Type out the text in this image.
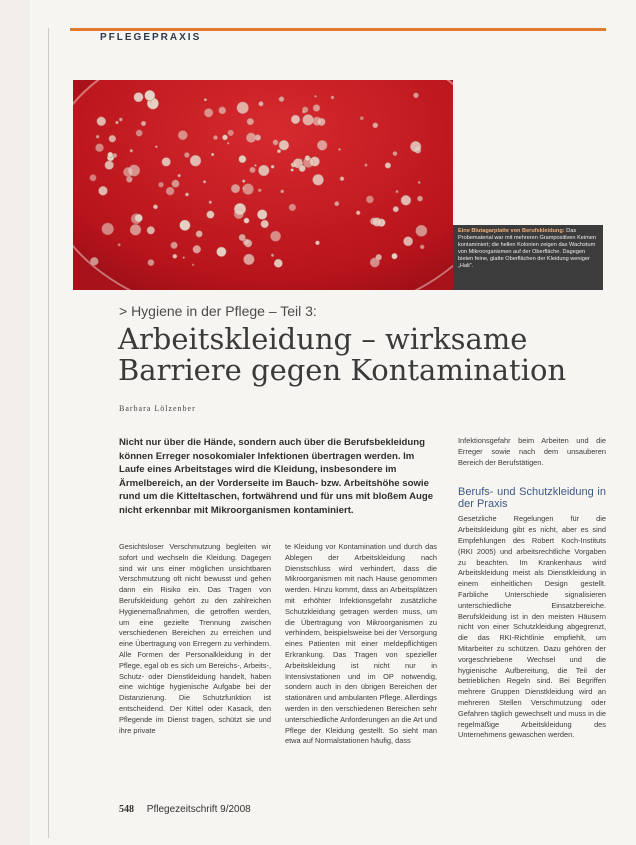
PFLEGEPRAXIS
Eine Blutagarplatte von Berufskleidung: Das Probematerial war mit mehreren Grampositiven Keimen kontaminiert; die hellen Kolonien zeigen das Wachstum von Mikroorganismen auf der Oberfläche. Dagegen bieten feine, glatte Oberflächen der Kleidung weniger „Halt“.
> Hygiene in der Pflege – Teil 3:
Arbeitskleidung – wirksame Barriere gegen Kontamination
Barbara Lölzenber
Nicht nur über die Hände, sondern auch über die Berufsbekleidung können Erreger nosokomialer Infektionen übertragen werden. Im Laufe eines Arbeitstages wird die Kleidung, insbesondere im Ärmelbereich, an der Vorderseite im Bauch- bzw. Arbeitshöhe sowie rund um die Kitteltaschen, fortwährend und für uns mit bloßem Auge nicht erkennbar mit Mikroorganismen kontaminiert.
Gesichtsloser Verschmutzung begleiten wir sofort und wechseln die Kleidung. Dagegen sind wir uns einer möglichen unsichtbaren Verschmutzung oft nicht bewusst und gehen dann ein Risiko ein. Das Tragen von Berufskleidung gehört zu den zahlreichen Hygienemaßnahmen, die getroffen werden, um eine gezielte Trennung zwischen verschiedenen Bereichen zu erreichen und eine Übertragung von Erregern zu verhindern. Alle Formen der Personalkleidung in der Pflege, egal ob es sich um Bereichs-, Arbeits-, Schutz- oder Dienstkleidung handelt, haben eine wichtige hygienische Aufgabe bei der Distanzierung. Die Schutzfunktion ist entscheidend. Der Kittel oder Kasack, den Pflegende im Dienst tragen, schützt sie und ihre private
te Kleidung vor Kontamination und durch das Ablegen der Arbeitskleidung nach Dienstschluss wird verhindert, dass die Mikroorganismen mit nach Hause genommen werden. Hinzu kommt, dass an Arbeitsplätzen mit erhöhter Infektionsgefahr zusätzliche Schutzkleidung getragen werden muss, um die Übertragung von Mikroorganismen zu verhindern, beispielsweise bei der Versorgung eines Patienten mit einer meldepflichtigen Erkrankung. Das Tragen von spezieller Arbeitskleidung ist nicht nur in Intensivstationen und im OP notwendig, sondern auch in den übrigen Bereichen der stationären und ambulanten Pflege. Allerdings werden in den verschiedenen Bereichen sehr unterschiedliche Anforderungen an die Art und Pflege der Kleidung gestellt. So sieht man etwa auf Normalstationen häufig, dass
Infektionsgefahr beim Arbeiten und die Erreger sowie nach dem unsauberen Bereich der Berufstätigen.
Berufs- und Schutzkleidung in der Praxis
Gesetzliche Regelungen für die Arbeitskleidung gibt es nicht, aber es sind Empfehlungen des Robert Koch-Instituts (RKI 2005) und arbeitsrechtliche Vorgaben zu beachten. Im Krankenhaus wird Arbeitskleidung meist als Dienstkleidung in einem einheitlichen Design gestellt. Farbliche Unterschiede signalisieren unterschiedliche Einsatzbereiche. Berufskleidung ist in den meisten Häusern nicht von einer Schutzkleidung abgegrenzt, die das RKI-Richtlinie empfiehlt, um Mitarbeiter zu schützen. Dazu gehören der vorgeschriebene Wechsel und die hygienische Aufbereitung, die Teil der betrieblichen Regeln sind. Bei Begriffen mehrere Gruppen Dienstkleidung wird an mehreren Stellen Verschmutzung oder Gefahren täglich gewechselt und muss in die regelmäßige Arbeitskleidung des Unternehmens gewaschen werden.
548 Pflegezeitschrift 9/2008
